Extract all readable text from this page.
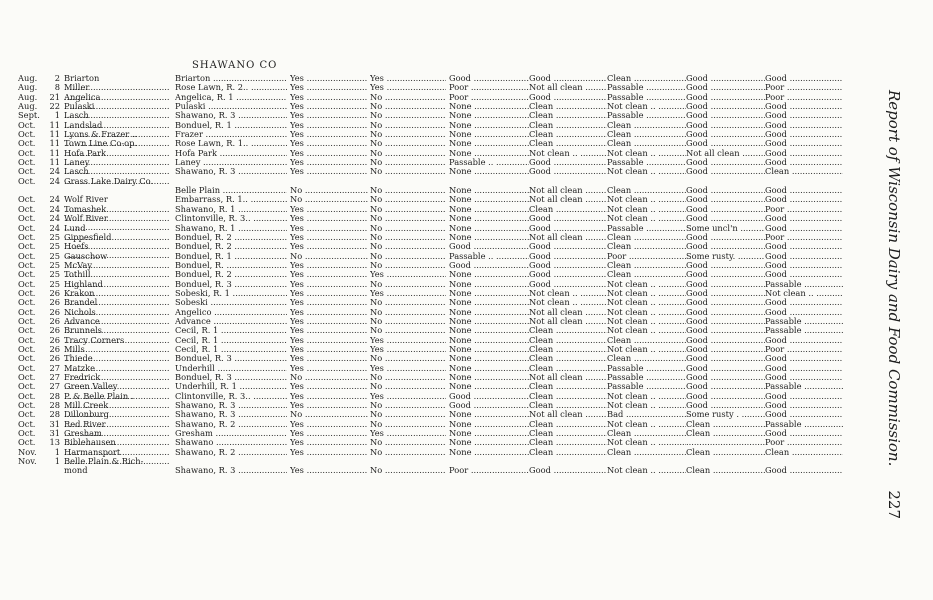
SHAWANO CO
Aug.	2 Briarton .....	Briarton .....	Yes .....	Yes .....	Good .....	Good .....	Clean .....	Good .....	Good .....
Aug.	8 Miller .....	Rose Lawn, R. 2.. .....	Yes .....	Yes .....	Poor .....	Not all clean .....	Passable .....	Good .....	Poor .....
Aug.	21 Angelica .....	Angelica, R. 1 .....	Yes .....	No .....	Poor .....	Good .....	Passable .....	Good .....	Poor .....
Aug.	22 Pulaski .....	Pulaski .....	Yes .....	No .....	None .....	Clean .....	Not clean .. .....	Good .....	Good .....
Sept.	1 Lasch .....	Shawano, R. 3 .....	Yes .....	No .....	None .....	Clean .....	Passable .....	Good .....	Good .....
Oct.	11 Landslad .....	Bonduel, R. 1 .....	Yes .....	No .....	None .....	Clean .....	Clean .....	Good .....	Good .....
Oct.	11 Lyons & Frazer .. .....	Frazer .....	Yes .....	No .....	None .....	Clean .....	Clean .....	Good .....	Good .....
Oct.	11 Town Line Co-op. .....	Rose Lawn, R. 1.. .....	Yes .....	No .....	None .....	Clean .....	Clean .....	Good .....	Good .....
Oct.	11 Hofa Park .....	Hofa Park .....	Yes .....	No .....	None .....	Not clean .. .....	Not clean .. .....	Not all clean .....	Good .....
Oct.	11 Laney .....	Laney .....	Yes .....	No .....	Passable .. .....	Good .....	Passable .....	Good .....	Good .....
Oct.	24 Lasch .....	Shawano, R. 3 .....	Yes .....	No .....	None .....	Good .....	Not clean .. .....	Good .....	Clean .....
Oct.	24 Grass Lake Dairy Co.
Belle Plain .....	No .....	No .....	None .....	Not all clean .....	Clean .....	Good .....	Good .....
Oct.	24 Wolf River .....	Embarrass, R. 1.. .....	No .....	No .....	None .....	Not all clean .....	Not clean .. .....	Good .....	Good .....
Oct.	24 Tomashek .....	Shawano, R. 1 .....	Yes .....	No .....	None .....	Clean .....	Not clean .. .....	Good .....	Poor .....
Oct.	24 Wolf River .....	Clintonville, R. 3.. .....	Yes .....	No .....	None .....	Good .....	Not clean .. .....	Good .....	Good .....
Oct.	24 Lund .....	Shawano, R. 1 .....	Yes .....	No .....	None .....	Good .....	Passable .....	Some uncl'n .....	Good .....
Oct.	25 Gippesfield .....	Bonduel, R. 2 .....	Yes .....	No .....	None .....	Not all clean .....	Clean .....	Good .....	Poor .....
Oct.	25 Hoefs .....	Bonduel, R. 2 .....	Yes .....	No .....	Good .....	Good .....	Clean .....	Good .....	Good .....
Oct.	25 Gauschow .....	Bonduel, R. 1 .....	No .....	No .....	Passable .. .....	Good .....	Poor .....	Some rusty. .....	Good .....
Oct.	25 McVay .....	Bonduel, R. .....	Yes .....	No .....	Good .....	Good .....	Clean .....	Good .....	Good .....
Oct.	25 Tothill .....	Bonduel, R. 2 .....	Yes .....	Yes .....	None .....	Good .....	Clean .....	Good .....	Good .....
Oct.	25 Highland .....	Bonduel, R. 3 .....	Yes .....	No .....	None .....	Good .....	Not clean .. .....	Good .....	Passable .....
Oct.	26 Krakon .....	Sobeski, R. 1 .....	Yes .....	Yes .....	None .....	Not clean .. .....	Not clean .. .....	Good .....	Not clean .. .....
Oct.	26 Brandel .....	Sobeski .....	Yes .....	No .....	None .....	Not clean .. .....	Not clean .. .....	Good .....	Good .....
Oct.	26 Nichols .....	Angelico .....	Yes .....	No .....	None .....	Not all clean .....	Not clean .. .....	Good .....	Good .....
Oct.	26 Advance .....	Advance .....	Yes .....	No .....	None .....	Not all clean .....	Not clean .. .....	Good .....	Passable .....
Oct.	26 Brunnels .....	Cecil, R. 1 .....	Yes .....	No .....	None .....	Clean .....	Not clean .. .....	Good .....	Passable .....
Oct.	26 Tracy Corners .....	Cecil, R. 1 .....	Yes .....	Yes .....	None .....	Clean .....	Clean .....	Good .....	Good .....
Oct.	26 Mills .....	Cecil, R. 1 .....	Yes .....	Yes .....	None .....	Clean .....	Not clean .. .....	Good .....	Poor .....
Oct.	26 Thiede .....	Bonduel, R. 3 .....	Yes .....	No .....	None .....	Clean .....	Clean .....	Good .....	Good .....
Oct.	27 Matzke .....	Underhill .....	Yes .....	Yes .....	None .....	Clean .....	Passable .....	Good .....	Good .....
Oct.	27 Fredrick .....	Bonduel, R. 3 .....	No .....	No .....	None .....	Not all clean .....	Passable .....	Good .....	Good .....
Oct.	27 Green Valley .....	Underhill, R. 1 .....	Yes .....	No .....	None .....	Clean .....	Passable .....	Good .....	Passable .....
Oct.	28 P. & Belle Plain . .....	Clintonville, R. 3.. .....	Yes .....	Yes .....	Good .....	Clean .....	Not clean .. .....	Good .....	Good .....
Oct.	28 Mill Creek .....	Shawano, R. 3 .....	Yes .....	No .....	Good .....	Clean .....	Not clean .. .....	Good .....	Good .....
Oct.	28 Dillonburg .....	Shawano, R. 3 .....	No .....	No .....	None .....	Not all clean .....	Bad .....	Some rusty . .....	Good .....
Oct.	31 Red River .....	Shawano, R. 2 .....	Yes .....	No .....	None .....	Clean .....	Not clean .. .....	Clean .....	Passable .....
Oct.	31 Gresham .....	Gresham .....	Yes .....	Yes .....	None .....	Clean .....	Clean .....	Clean .....	Good .....
Oct.	13 Biblehausen .....	Shawano .....	Yes .....	No .....	None .....	Clean .....	Not clean .. .....
.....	Poor .....
Nov.	1 Harmansport .....	Shawano, R. 2 .....	Yes .....	No .....	None .....	Clean .....	Clean .....	Clean .....	Clean .....
Nov.	1 Belle Plain & Rich- mond	Shawano, R. 3 .....	Yes .....	No .....	Poor .....	Good .....	Not clean .. .....	Clean .....	Good .....
Report of Wisconsin Dairy and Food Commission.227
